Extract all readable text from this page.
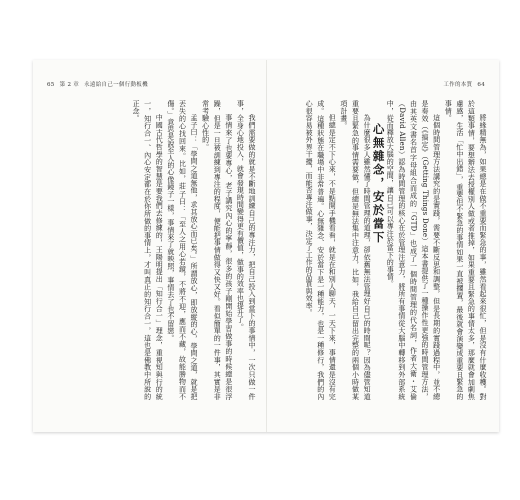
65 第 2 章 永遠給自己一個行動板機

我們需要做的就是不斷地訓練自己的專注力，把自己投入到當下的事情中，一次只做一件事，全身心地投入，就會發現時間變得更有價值，做事的效率也提升了。

事情來了也要專心，老子講究內心的寧靜，很多的孩子剛開始學習做事的時候總是很浮躁，但是一旦被訓練到專注的程度，便能把事情做得又快又好。看似簡單的一件事，其實是非常考驗心性的。

孟子曰：「學問之道無他，求其放心而已矣。」所謂放心，即放縱的心，學問之道，就是把丟失的心找回來。比如，莊子曰：「至人之用心若鏡，不將不迎，應而不藏，故能勝物而不傷。」意思是說至人的心像鏡子一樣，事情來了就映照，事情去了也不留戀。

中國古代哲學的智慧是要我們去修練的，王陽明提出「知行合一」理念，重視知與行的統一，知行合一、內心安定都在於你所做的事情上，才叫真正的知行合一，這也是佛教中所說的正念。

工作的本質 64

將緣精無為，如果總是在做不重要而緊急的事，雖然看起來很忙，但是沒有什麼收穫。對於這類事情，要想辦法去授權別人做或者推掉，如果重要且緊急的事情太多，那麼就會加劇焦慮感，生活「忙中出錯」，重要但不緊急的事情如果一直被擱置，最後就會演變成重要且緊急的事情。

這個時間管理方法講究的是實踐，需要不斷反思和調整，但是長期的實踐過程中，並不總是奏效（《搞定》（Getting Things Done）這本書提供了一種操作性更強的時間管理方法，由其英文書名首字母組合而成的「GTD」也成了一個時間管理的代名詞，作者大衛・艾倫（David Allen）認為時間管理的核心在於管理注意力，將所有事情從大腦中轉移到外部系統中，從而釋放大腦的空間，讓自己可以專注於當下的事情。

心無雜念，安於當下

為什麼很多人雖然懂了時間管理的道理，卻依舊無法管理好自己的時間呢？因為儘管知道重要且緊急的事情需要做，但總是無法集中注意力，比如，我給自己留出完整的兩個小時做某項計畫。

但總是定不下心來，不是點開手機看看，就是在和別人聊天，一天下來，事情還是沒有完成。這種狀態在職場中非常普遍。心無雜念、安於當下是一種能力，也是一種修行，我們的內心很容易被外界干擾，而能否專注做事，決定了工作的品質與效率。
